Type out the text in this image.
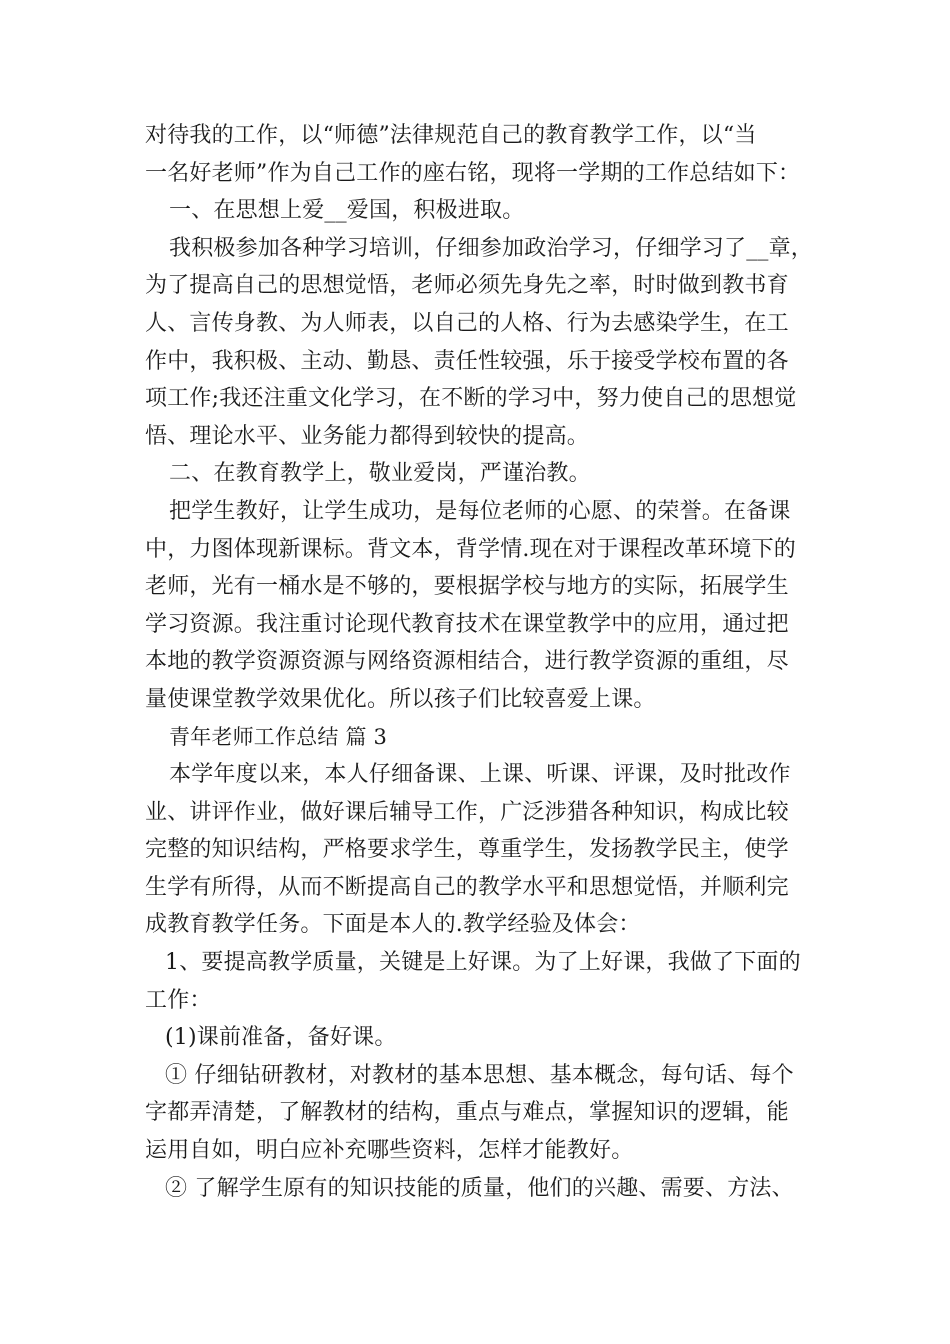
对待我的工作，以“师德”法律规范自己的教育教学工作，以“当
一名好老师”作为自己工作的座右铭，现将一学期的工作总结如下：
一、在思想上爱__爱国，积极进取。
我积极参加各种学习培训，仔细参加政治学习，仔细学习了__章，
为了提高自己的思想觉悟，老师必须先身先之率，时时做到教书育
人、言传身教、为人师表，以自己的人格、行为去感染学生，在工
作中，我积极、主动、勤恳、责任性较强，乐于接受学校布置的各
项工作;我还注重文化学习，在不断的学习中，努力使自己的思想觉
悟、理论水平、业务能力都得到较快的提高。
二、在教育教学上，敬业爱岗，严谨治教。
把学生教好，让学生成功，是每位老师的心愿、的荣誉。在备课
中，力图体现新课标。背文本，背学情.现在对于课程改革环境下的
老师，光有一桶水是不够的，要根据学校与地方的实际，拓展学生
学习资源。我注重讨论现代教育技术在课堂教学中的应用，通过把
本地的教学资源资源与网络资源相结合，进行教学资源的重组，尽
量使课堂教学效果优化。所以孩子们比较喜爱上课。
青年老师工作总结 篇 3
本学年度以来，本人仔细备课、上课、听课、评课，及时批改作
业、讲评作业，做好课后辅导工作，广泛涉猎各种知识，构成比较
完整的知识结构，严格要求学生，尊重学生，发扬教学民主，使学
生学有所得，从而不断提高自己的教学水平和思想觉悟，并顺利完
成教育教学任务。下面是本人的.教学经验及体会：
1、要提高教学质量，关键是上好课。为了上好课，我做了下面的
工作：
(1)课前准备，备好课。
① 仔细钻研教材，对教材的基本思想、基本概念，每句话、每个
字都弄清楚，了解教材的结构，重点与难点，掌握知识的逻辑，能
运用自如，明白应补充哪些资料，怎样才能教好。
② 了解学生原有的知识技能的质量，他们的兴趣、需要、方法、
